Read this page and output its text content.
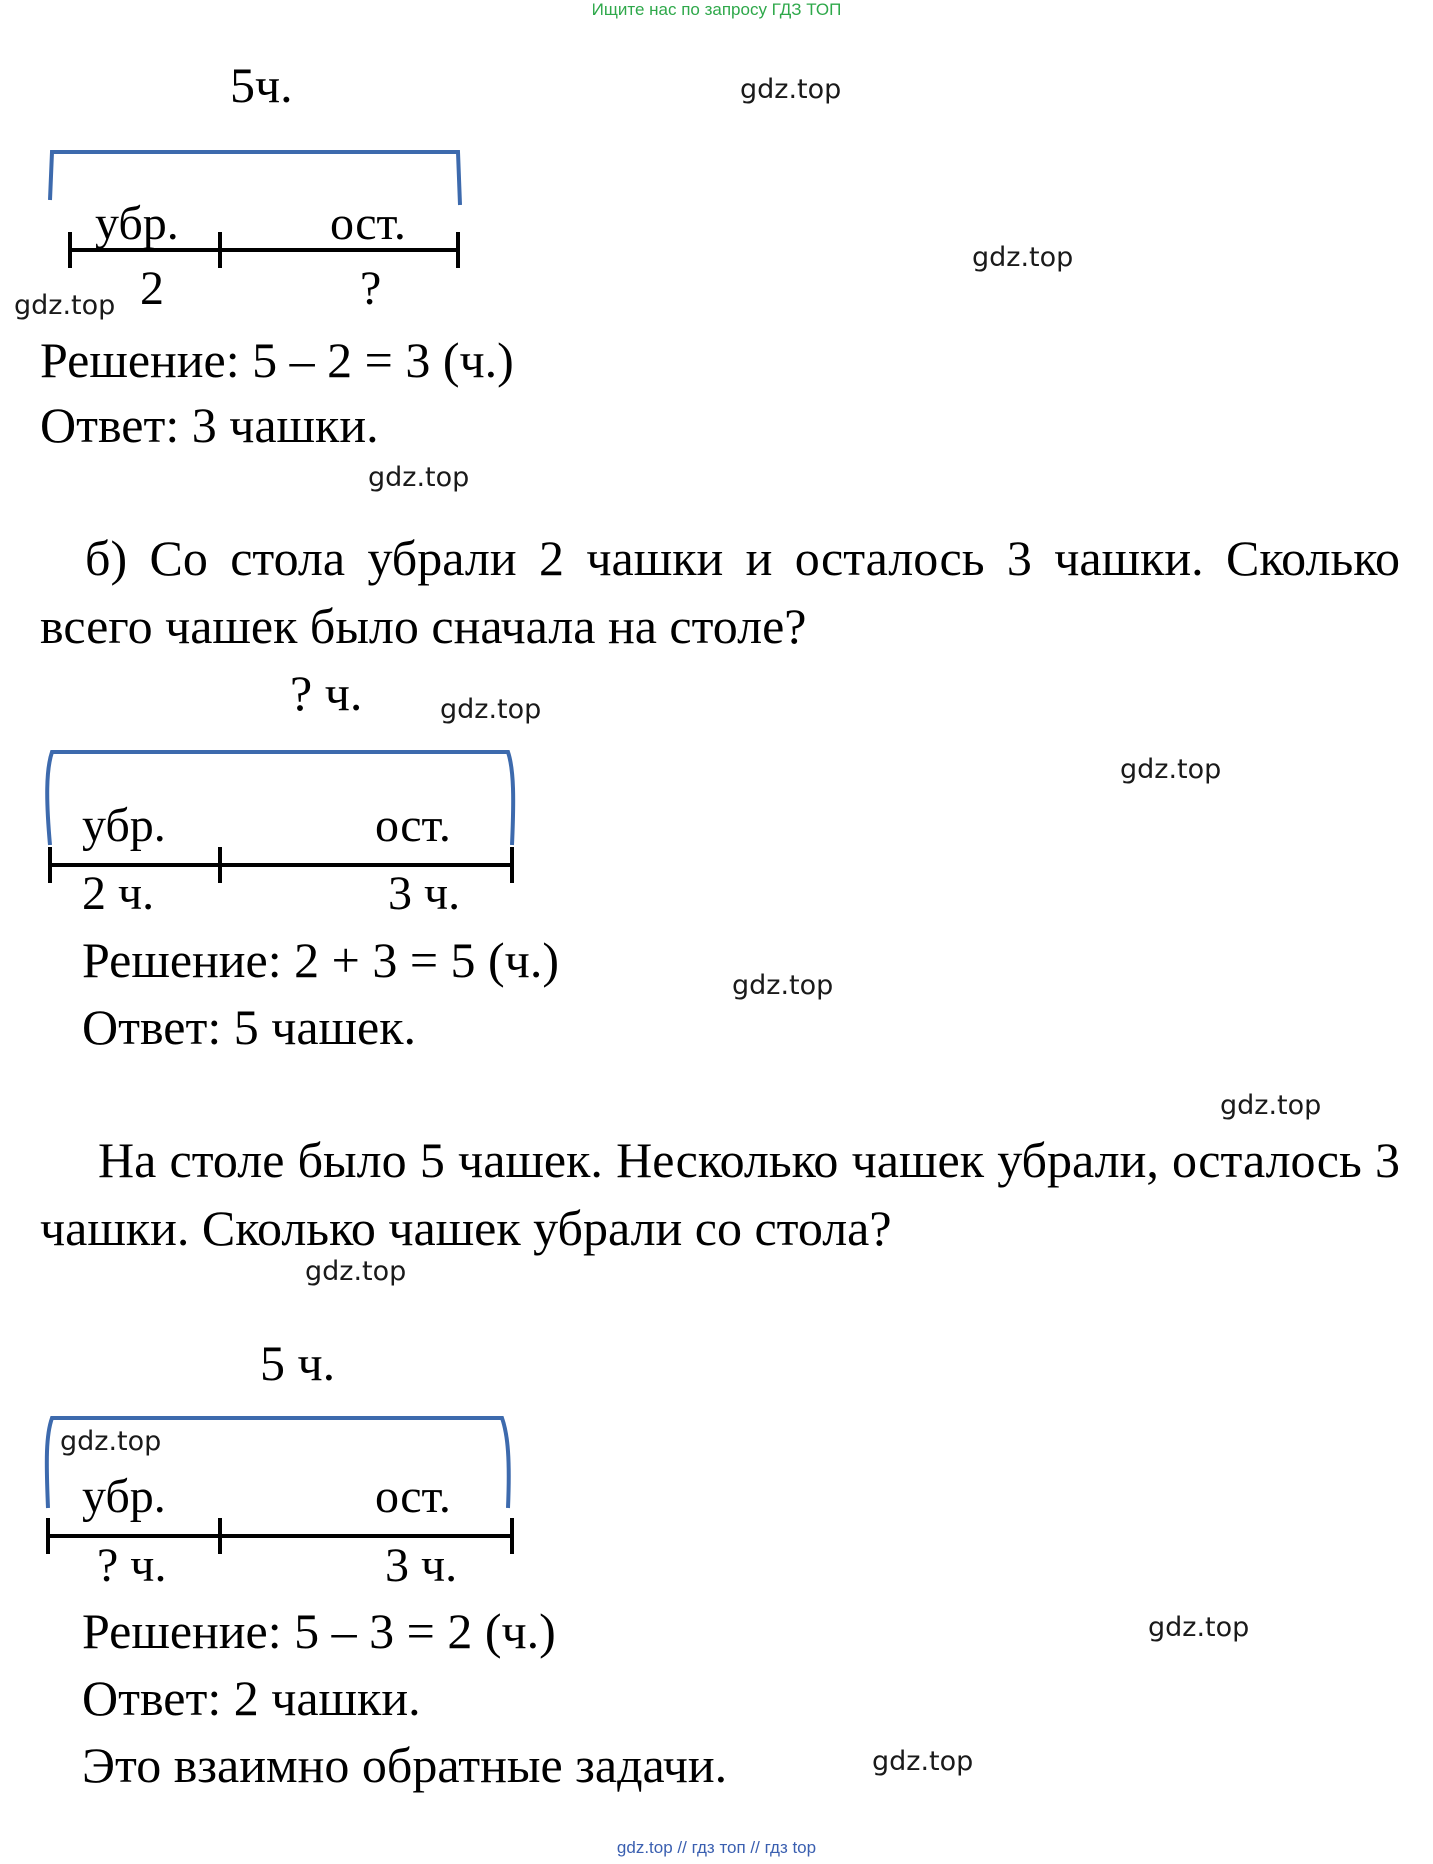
Ищите нас по запросу ГДЗ ТОП
5ч.
убр.	ост.
2	?
Решение: 5 – 2 = 3 (ч.)
Ответ: 3 чашки.
б) Со стола убрали 2 чашки и осталось 3 чашки. Сколько всего чашек было сначала на столе?
? ч.
убр.	ост.
2 ч.	3 ч.
Решение: 2 + 3 = 5 (ч.)
Ответ: 5 чашек.
На столе было 5 чашек. Несколько чашек убрали, осталось 3 чашки. Сколько чашек убрали со стола?
5 ч.
убр.	ост.
? ч.	3 ч.
Решение: 5 – 3 = 2 (ч.)
Ответ: 2 чашки.
Это взаимно обратные задачи.
gdz.top
gdz.top
gdz.top
gdz.top
gdz.top
gdz.top
gdz.top
gdz.top
gdz.top
gdz.top
gdz.top
gdz.top
gdz.top // гдз топ // гдз top
